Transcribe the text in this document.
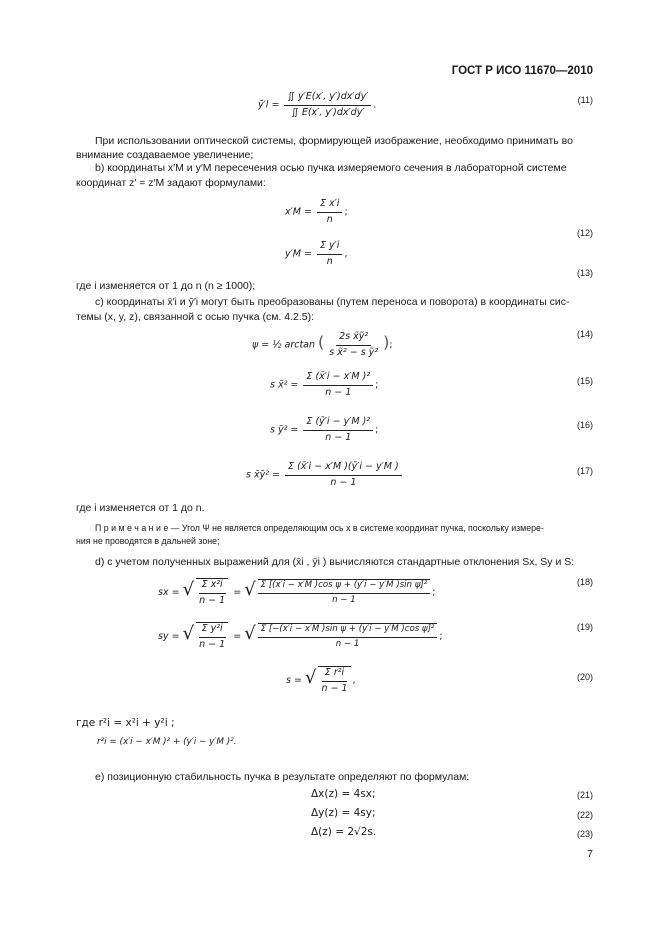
ГОСТ Р ИСО 11670—2010
ȳ′l = $\frac{∬ y'E(x', y')dx'dy'}{∬ E(x', y')dx'dy'}$ .	(11)
При использовании оптической системы, формирующей изображение, необходимо принимать во внимание создаваемое увеличение;
b) координаты x′M и y′M пересечения осью пучка измеряемого сечения в лабораторной системе
координат z′ = z′M задают формулами:
$x'M = \frac{\text{Σ x′i}}{n}$ ;
(12)
$y'M = \frac{\text{Σ y′i}}{n}$ ,
(13)
где i изменяется от 1 до n (n ≥ 1000);
c) координаты x̄′i и ȳ′i могут быть преобразованы (путем переноса и поворота) в координаты сис-
темы (x, y, z), связанной с осью пучка (см. 4.2.5):
ψ = ½ arctan ( $\frac{\text{2s x̃ỹ²}}{\text{s x̃² − s ỹ²}}$ );
(14)
s x̃² = $\frac{\text{Σ (x̄′i − x′M )²}}{n - 1}$ ;	(15)
s ỹ² = $\frac{\text{Σ (ȳ′i − y′M )²}}{n - 1}$ ;	(16)
s x̃ỹ² = $\frac{\Sigma (x̄'i - x'M )(ȳ'i - y'M )}{n - 1}$	(17)
где i изменяется от 1 до n.
П р и м е ч а н и е — Угол Ψ не является определяющим ось x в системе координат пучка, поскольку измере-
ния не проводятся в дальней зоне;
d) с учетом полученных выражений для (x̄i , ȳi ) вычисляются стандартные отклонения Sx, Sy и S:
sx = √ $\frac{\text{Σ x²i}}{n - 1}$ = √ $\frac{\text{Σ [(x′i − x′M )cos ψ + (y′i − y′M )sin ψ]²}}{n - 1}$ ;
(18)
sy = √ $\frac{\text{Σ y²i}}{n - 1}$ = √ $\frac{\text{Σ [−(x′i − x′M )sin ψ + (y′i − y′M )cos ψ]²}}{n - 1}$ ;
(19)
s = √ $\frac{\text{Σ r²i}}{n - 1}$ ,	(20)
где r²i = x²i + y²i ;
r²i = (x′i − x′M )² + (y′i − y′M )².
e) позиционную стабильность пучка в результате определяют по формулам:
Δx(z) = 4sx;	(21)
Δy(z) = 4sy;	(22)
Δ(z) = 2√2s.	(23)
7
